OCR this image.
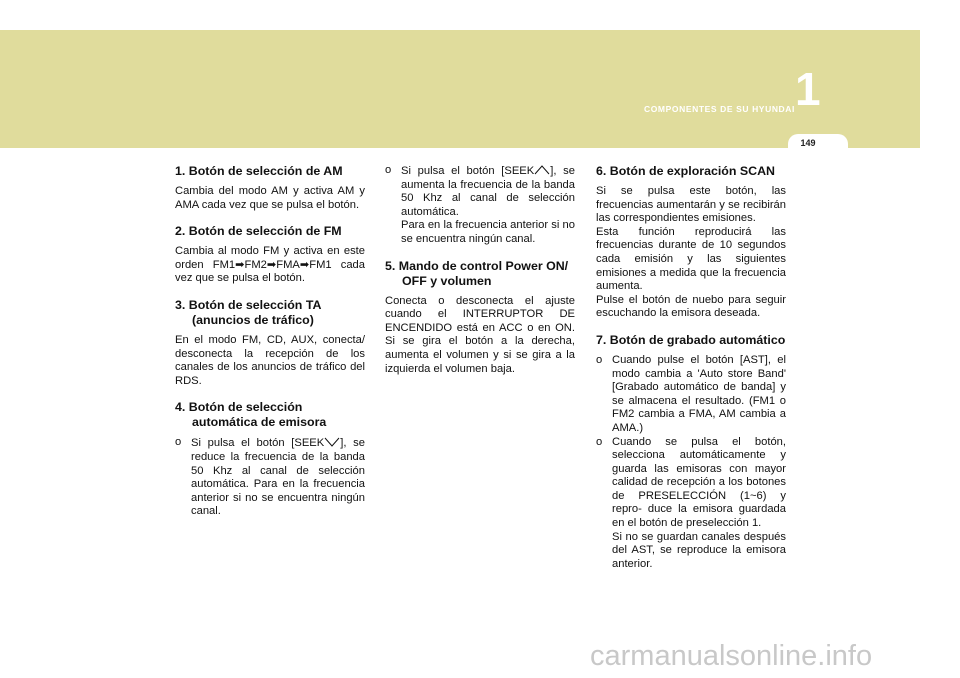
1
COMPONENTES DE SU HYUNDAI
149
1. Botón de selección de AM

Cambia del modo AM y activa AM y AMA cada vez que se pulsa el botón.

2. Botón de selección de FM

Cambia al modo FM y activa en este orden FM1➡FM2➡FMA➡FM1 cada vez que se pulsa el botón.

3. Botón de selección TA (anuncios de tráfico)

En el modo FM, CD, AUX, conecta/ desconecta la recepción de los canales de los anuncios de tráfico del RDS.

4. Botón de selección automática de emisora
o Si pulsa el botón [SEEK ], se reduce la frecuencia de la banda 50 Khz al canal de selección automática. Para en la frecuencia anterior si no se encuentra ningún canal.
o Si pulsa el botón [SEEK ], se aumenta la frecuencia de la banda 50 Khz al canal de selección automática.
Para en la frecuencia anterior si no se encuentra ningún canal.
5. Mando de control Power ON/ OFF y volumen

Conecta o desconecta el ajuste cuando el INTERRUPTOR DE ENCENDIDO está en ACC o en ON. Si se gira el botón a la derecha, aumenta el volumen y si se gira a la izquierda el volumen baja.

6. Botón de exploración SCAN

Si se pulsa este botón, las frecuencias aumentarán y se recibirán las correspondientes emisiones.

Esta función reproducirá las frecuencias durante de 10 segundos cada emisión y las siguientes emisiones a medida que la frecuencia aumenta.

Pulse el botón de nuebo para seguir escuchando la emisora deseada.

7. Botón de grabado automático
o Cuando pulse el botón [AST], el modo cambia a 'Auto store Band' [Grabado automático de banda] y se almacena el resultado. (FM1 o FM2 cambia a FMA, AM cambia a AMA.)
o Cuando se pulsa el botón, selecciona automáticamente y guarda las emisoras con mayor calidad de recepción a los botones de PRESELECCIÓN (1~6) y repro- duce la emisora guardada en el botón de preselección 1.
Si no se guardan canales después del AST, se reproduce la emisora anterior.
carmanualsonline.info
